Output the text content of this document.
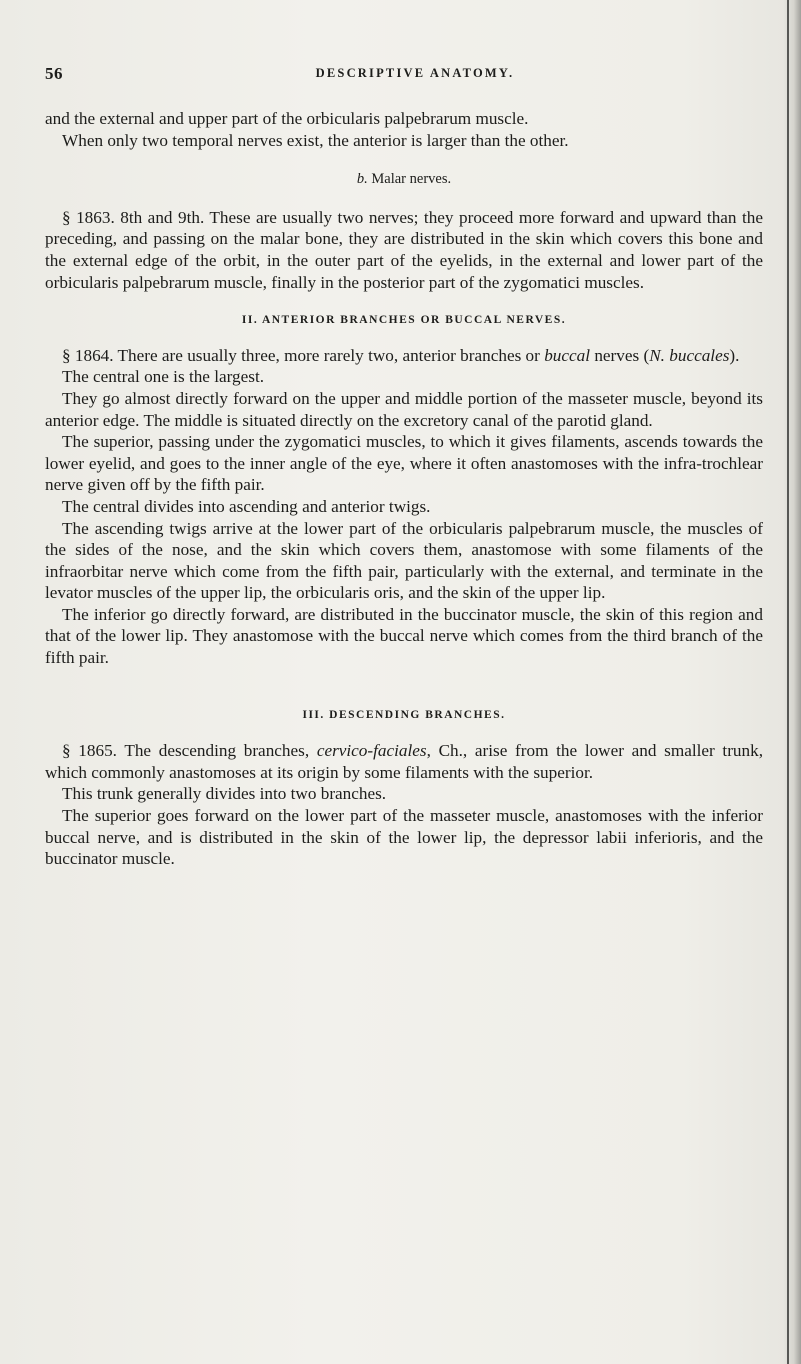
56	DESCRIPTIVE ANATOMY.

and the external and upper part of the orbicularis palpebrarum muscle.

When only two temporal nerves exist, the anterior is larger than the other.

b. Malar nerves.

§ 1863. 8th and 9th. These are usually two nerves; they proceed more forward and upward than the preceding, and passing on the malar bone, they are distributed in the skin which covers this bone and the external edge of the orbit, in the outer part of the eyelids, in the external and lower part of the orbicularis palpebrarum muscle, finally in the posterior part of the zygomatici muscles.

II. ANTERIOR BRANCHES OR BUCCAL NERVES.

§ 1864. There are usually three, more rarely two, anterior branches or buccal nerves (N. buccales).

The central one is the largest.

They go almost directly forward on the upper and middle portion of the masseter muscle, beyond its anterior edge. The middle is situated directly on the excretory canal of the parotid gland.

The superior, passing under the zygomatici muscles, to which it gives filaments, ascends towards the lower eyelid, and goes to the inner angle of the eye, where it often anastomoses with the infra-trochlear nerve given off by the fifth pair.

The central divides into ascending and anterior twigs.

The ascending twigs arrive at the lower part of the orbicularis palpebrarum muscle, the muscles of the sides of the nose, and the skin which covers them, anastomose with some filaments of the infraorbitar nerve which come from the fifth pair, particularly with the external, and terminate in the levator muscles of the upper lip, the orbicularis oris, and the skin of the upper lip.

The inferior go directly forward, are distributed in the buccinator muscle, the skin of this region and that of the lower lip. They anastomose with the buccal nerve which comes from the third branch of the fifth pair.

III. DESCENDING BRANCHES.

§ 1865. The descending branches, cervico-faciales, Ch., arise from the lower and smaller trunk, which commonly anastomoses at its origin by some filaments with the superior.

This trunk generally divides into two branches.

The superior goes forward on the lower part of the masseter muscle, anastomoses with the inferior buccal nerve, and is distributed in the skin of the lower lip, the depressor labii inferioris, and the buccinator muscle.
